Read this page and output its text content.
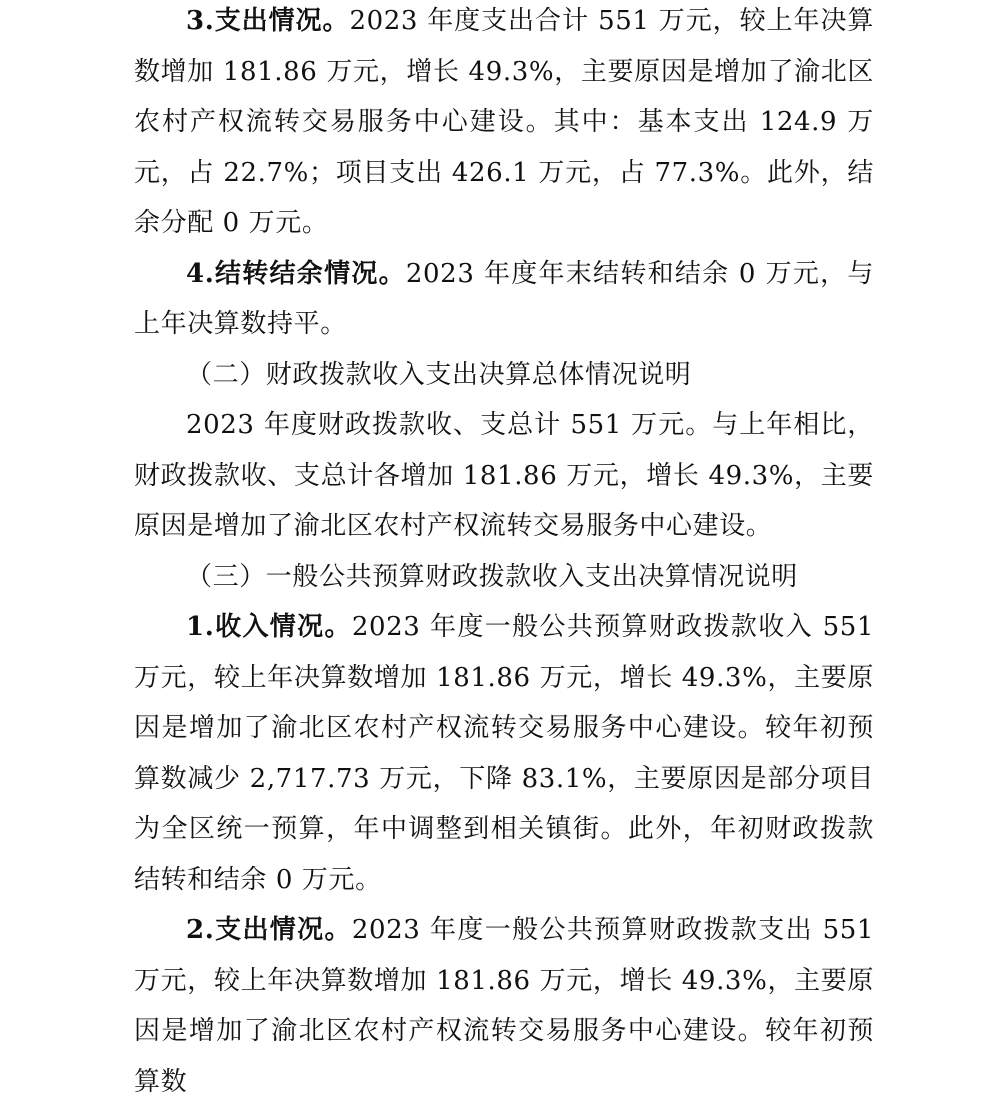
3.支出情况。2023 年度支出合计 551 万元，较上年决算数增加 181.86 万元，增长 49.3%，主要原因是增加了渝北区农村产权流转交易服务中心建设。其中：基本支出 124.9 万元，占 22.7%；项目支出 426.1 万元，占 77.3%。此外，结余分配 0 万元。

4.结转结余情况。2023 年度年末结转和结余 0 万元，与上年决算数持平。

（二）财政拨款收入支出决算总体情况说明

2023 年度财政拨款收、支总计 551 万元。与上年相比，财政拨款收、支总计各增加 181.86 万元，增长 49.3%，主要原因是增加了渝北区农村产权流转交易服务中心建设。

（三）一般公共预算财政拨款收入支出决算情况说明

1.收入情况。2023 年度一般公共预算财政拨款收入 551 万元，较上年决算数增加 181.86 万元，增长 49.3%，主要原因是增加了渝北区农村产权流转交易服务中心建设。较年初预算数减少 2,717.73 万元，下降 83.1%，主要原因是部分项目为全区统一预算，年中调整到相关镇街。此外，年初财政拨款结转和结余 0 万元。

2.支出情况。2023 年度一般公共预算财政拨款支出 551 万元，较上年决算数增加 181.86 万元，增长 49.3%，主要原因是增加了渝北区农村产权流转交易服务中心建设。较年初预算数
